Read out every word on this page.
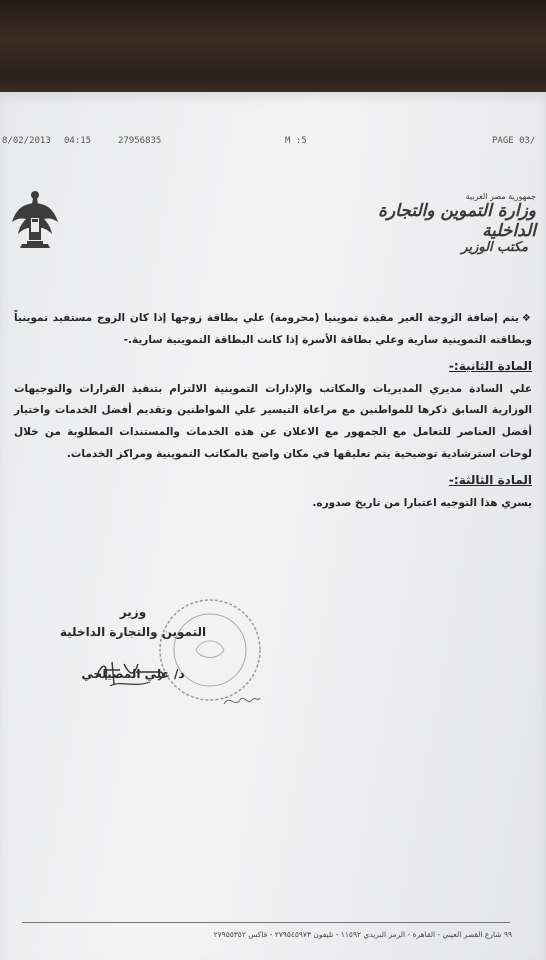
8/02/2013 04:15	27956835	M :5	PAGE 03/
جمهورية مصر العربية
وزارة التموين والتجارة الداخلية
مكتب الوزير

❖يتم إضافة الزوجة الغير مقيدة تموينيا (محرومة) علي بطاقة زوجها إذا كان الزوج مستفيد تموينياً وبطاقته التموينية سارية وعلي بطاقة الأسرة إذا كانت البطاقة التموينية سارية.-

المادة الثانية:-

علي السادة مديري المديريات والمكاتب والإدارات التموينية الالتزام بتنفيذ القرارات والتوجيهات الوزارية السابق ذكرها للمواطنين مع مراعاة التيسير علي المواطنين وتقديم أفضل الخدمات واختيار أفضل العناصر للتعامل مع الجمهور مع الاعلان عن هذه الخدمات والمستندات المطلوبة من خلال لوحات استرشادية توضيحية يتم تعليقها في مكان واضح بالمكاتب التموينية ومراكز الخدمات.

المادة الثالثة:-

يسري هذا التوجيه اعتبارا من تاريخ صدوره.

وزير
التموين والتجارة الداخلية
د/ علي المصيلحي
٩٩ شارع القصر العيني - القاهرة - الرمز البريدي ١١٥٩٢ - تليفون ٢٧٩٥٤٥٩٧٣ - فاكس ٢٧٩٥٥٣٥٢
